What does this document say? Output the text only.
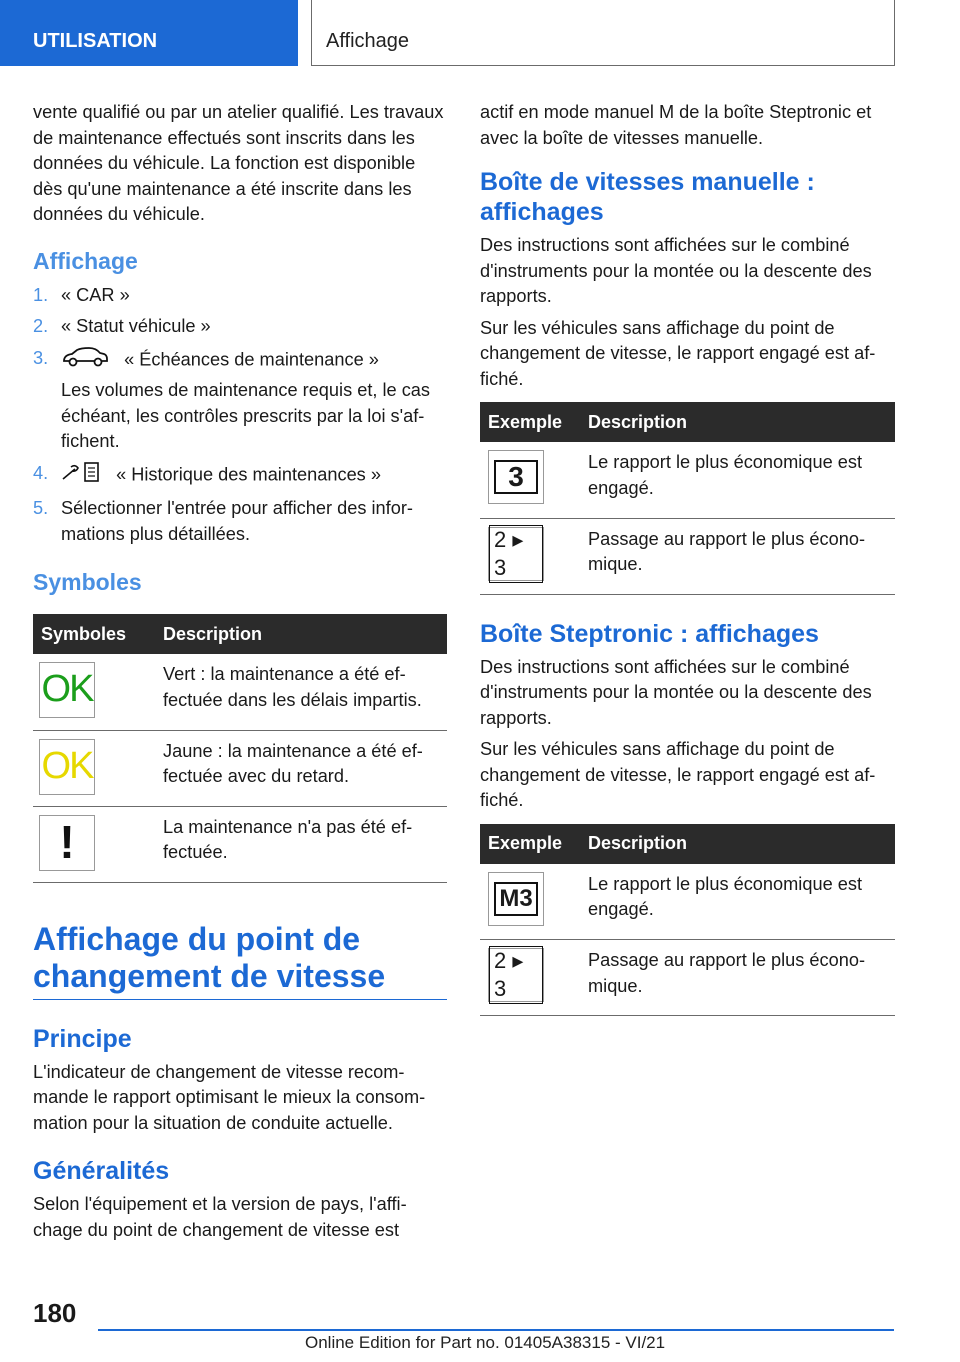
UTILISATION	Affichage

vente qualifié ou par un atelier qualifié. Les travaux de maintenance effectués sont inscrits dans les données du véhicule. La fonction est disponible dès qu'une maintenance a été inscrite dans les données du véhicule.

Affichage
1. « CAR »
2. « Statut véhicule »
3.	« Échéances de maintenance »
Les volumes de maintenance requis et, le cas échéant, les contrôles prescrits par la loi s'affichent.
4.	« Historique des maintenances »
5. Sélectionner l'entrée pour afficher des informations plus détaillées.
Symboles
Symboles	Description

OK	Vert : la maintenance a été effectuée dans les délais impartis.

OK	Jaune : la maintenance a été effectuée avec du retard.

!	La maintenance n'a pas été effectuée.
Affichage du point de changement de vitesse
Principe

L'indicateur de changement de vitesse recommande le rapport optimisant le mieux la consommation pour la situation de conduite actuelle.

Généralités

Selon l'équipement et la version de pays, l'affichage du point de changement de vitesse est

actif en mode manuel M de la boîte Steptronic et avec la boîte de vitesses manuelle.

Boîte de vitesses manuelle : affichages

Des instructions sont affichées sur le combiné d'instruments pour la montée ou la descente des rapports.

Sur les véhicules sans affichage du point de changement de vitesse, le rapport engagé est affiché.

Exemple	Description

3	Le rapport le plus économique est engagé.

2 ▸ 3	Passage au rapport le plus économique.
Boîte Steptronic : affichages

Des instructions sont affichées sur le combiné d'instruments pour la montée ou la descente des rapports.

Sur les véhicules sans affichage du point de changement de vitesse, le rapport engagé est affiché.

Exemple	Description

M3	Le rapport le plus économique est engagé.

2 ▸ 3	Passage au rapport le plus économique.
180
Online Edition for Part no. 01405A38315 - VI/21
